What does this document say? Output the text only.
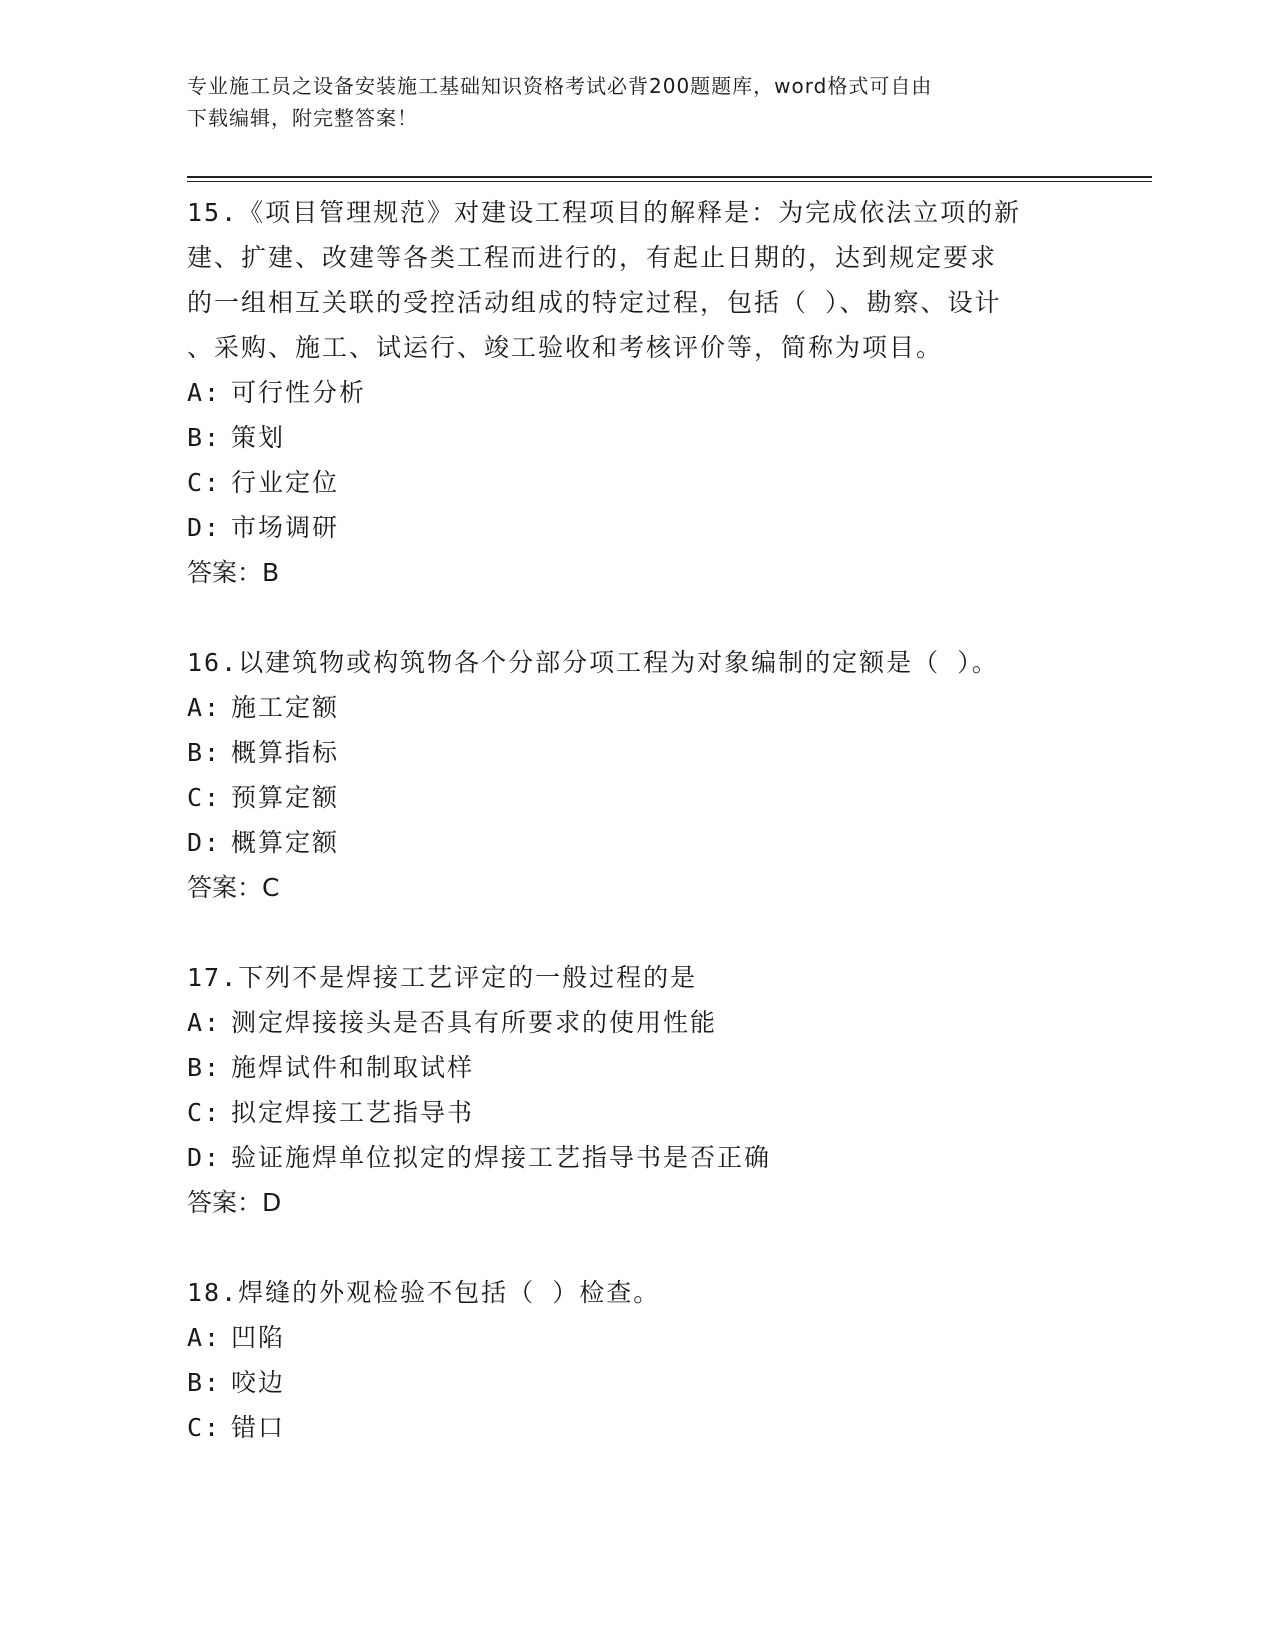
专业施工员之设备安装施工基础知识资格考试必背200题题库，word格式可自由
下载编辑，附完整答案！

15.《项目管理规范》对建设工程项目的解释是：为完成依法立项的新

建、扩建、改建等各类工程而进行的，有起止日期的，达到规定要求

的一组相互关联的受控活动组成的特定过程，包括（ ）、勘察、设计

、采购、施工、试运行、竣工验收和考核评价等，简称为项目。

A: 可行性分析
B: 策划
C: 行业定位
D: 市场调研

答案：B

16.以建筑物或构筑物各个分部分项工程为对象编制的定额是（ ）。

A: 施工定额
B: 概算指标
C: 预算定额
D: 概算定额

答案：C

17.下列不是焊接工艺评定的一般过程的是

A: 测定焊接接头是否具有所要求的使用性能
B: 施焊试件和制取试样
C: 拟定焊接工艺指导书
D: 验证施焊单位拟定的焊接工艺指导书是否正确

答案：D

18.焊缝的外观检验不包括（ ）检查。

A: 凹陷
B: 咬边
C: 错口
